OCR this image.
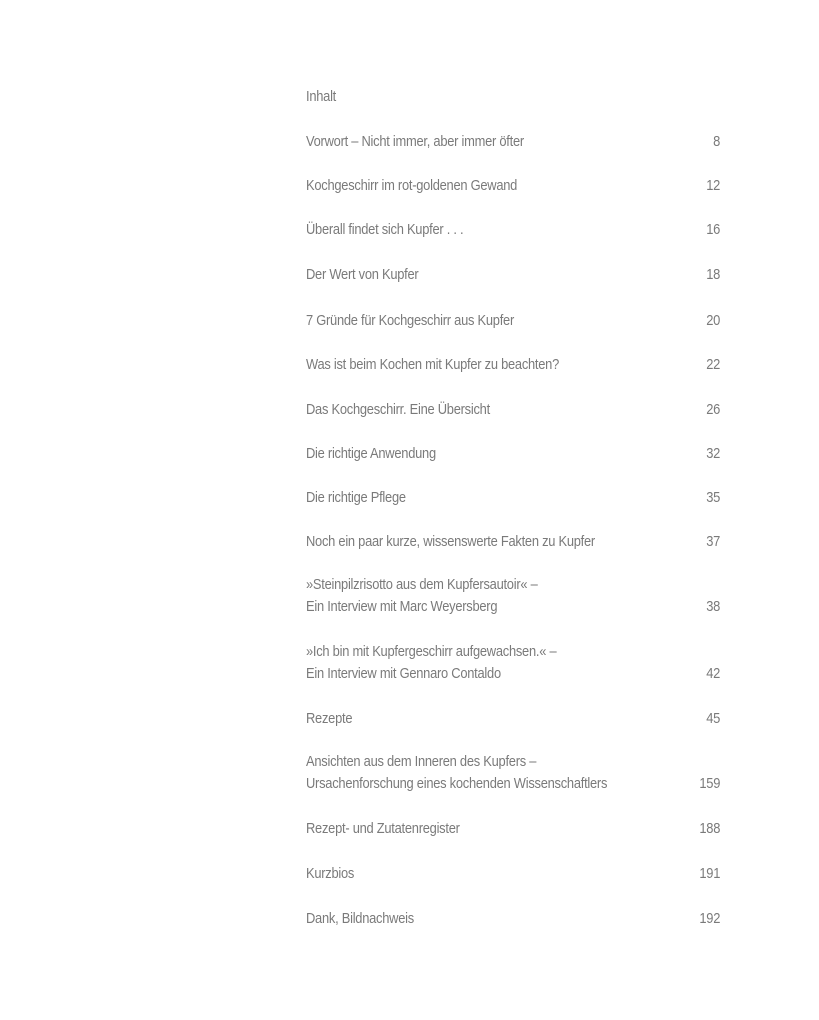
Inhalt
Vorwort – Nicht immer, aber immer öfter	8
Kochgeschirr im rot-goldenen Gewand	12
Überall findet sich Kupfer . . .	16
Der Wert von Kupfer	18
7 Gründe für Kochgeschirr aus Kupfer	20
Was ist beim Kochen mit Kupfer zu beachten?	22
Das Kochgeschirr. Eine Übersicht	26
Die richtige Anwendung	32
Die richtige Pflege	35
Noch ein paar kurze, wissenswerte Fakten zu Kupfer	37
»Steinpilzrisotto aus dem Kupfersautoir« –
Ein Interview mit Marc Weyersberg	38
»Ich bin mit Kupfergeschirr aufgewachsen.« –
Ein Interview mit Gennaro Contaldo	42
Rezepte	45
Ansichten aus dem Inneren des Kupfers –
Ursachenforschung eines kochenden Wissenschaftlers	159
Rezept- und Zutatenregister	188
Kurzbios	191
Dank, Bildnachweis	192
